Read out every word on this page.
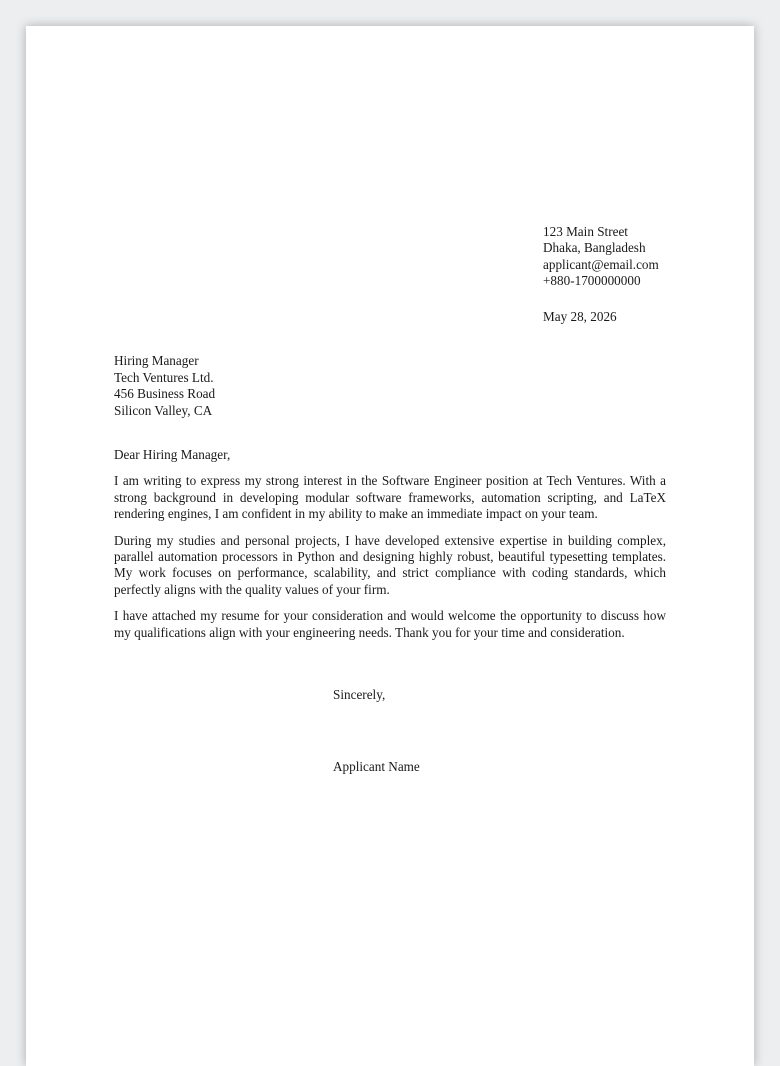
123 Main Street
Dhaka, Bangladesh
applicant@email.com
+880-1700000000
May 28, 2026
Hiring Manager
Tech Ventures Ltd.
456 Business Road
Silicon Valley, CA
Dear Hiring Manager,

I am writing to express my strong interest in the Software Engineer position at Tech Ventures. With a strong background in developing modular software frameworks, automation scripting, and LaTeX rendering engines, I am confident in my ability to make an immediate impact on your team.

During my studies and personal projects, I have developed extensive expertise in building complex, parallel automation processors in Python and designing highly robust, beautiful typesetting templates. My work focuses on performance, scalability, and strict compliance with coding standards, which perfectly aligns with the quality values of your firm.

I have attached my resume for your consideration and would welcome the opportunity to discuss how my qualifications align with your engineering needs. Thank you for your time and consideration.

Sincerely,
Applicant Name
